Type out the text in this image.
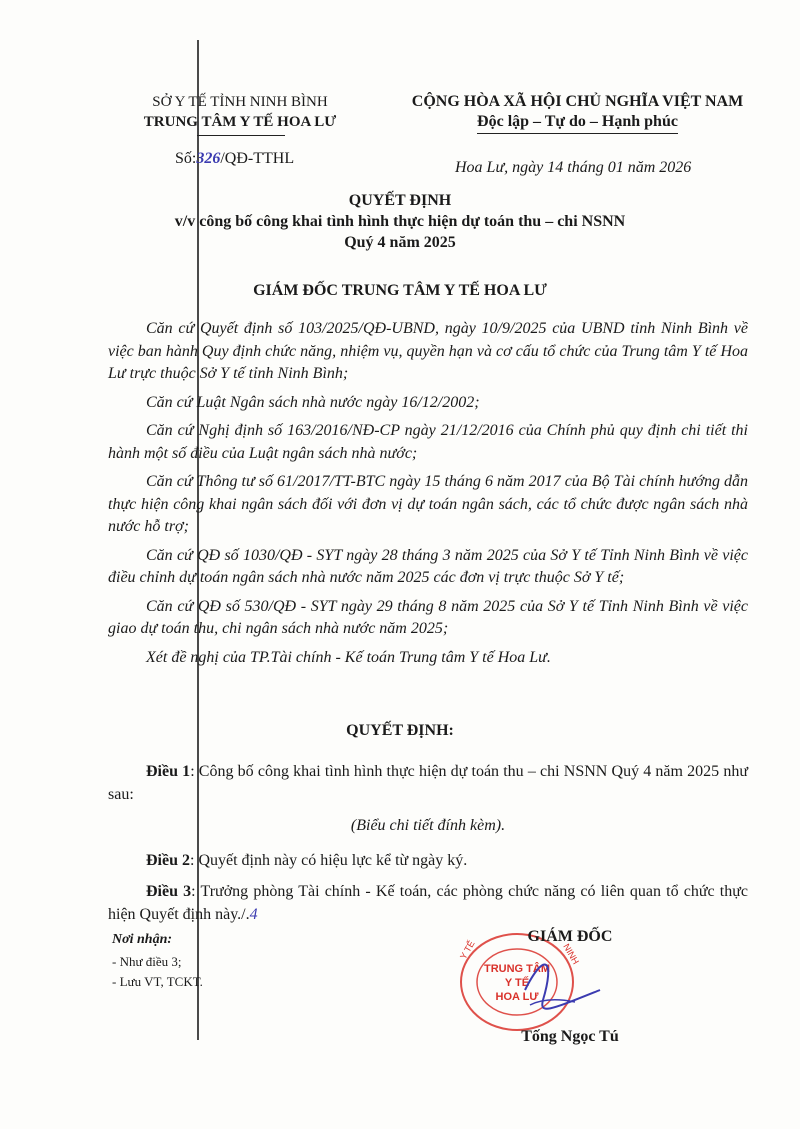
SỞ Y TẾ TỈNH NINH BÌNH
TRUNG TÂM Y TẾ HOA LƯ
CỘNG HÒA XÃ HỘI CHỦ NGHĨA VIỆT NAM
Độc lập – Tự do – Hạnh phúc
Số:326/QĐ-TTHL
Hoa Lư, ngày 14 tháng 01 năm 2026
QUYẾT ĐỊNH
v/v công bố công khai tình hình thực hiện dự toán thu – chi NSNN
Quý 4 năm 2025
GIÁM ĐỐC TRUNG TÂM Y TẾ HOA LƯ

Căn cứ Quyết định số 103/2025/QĐ-UBND, ngày 10/9/2025 của UBND tỉnh Ninh Bình về việc ban hành Quy định chức năng, nhiệm vụ, quyền hạn và cơ cấu tổ chức của Trung tâm Y tế Hoa Lư trực thuộc Sở Y tế tỉnh Ninh Bình;

Căn cứ Luật Ngân sách nhà nước ngày 16/12/2002;

Căn cứ Nghị định số 163/2016/NĐ-CP ngày 21/12/2016 của Chính phủ quy định chi tiết thi hành một số điều của Luật ngân sách nhà nước;

Căn cứ Thông tư số 61/2017/TT-BTC ngày 15 tháng 6 năm 2017 của Bộ Tài chính hướng dẫn thực hiện công khai ngân sách đối với đơn vị dự toán ngân sách, các tổ chức được ngân sách nhà nước hỗ trợ;

Căn cứ QĐ số 1030/QĐ - SYT ngày 28 tháng 3 năm 2025 của Sở Y tế Tỉnh Ninh Bình về việc điều chỉnh dự toán ngân sách nhà nước năm 2025 các đơn vị trực thuộc Sở Y tế;

Căn cứ QĐ số 530/QĐ - SYT ngày 29 tháng 8 năm 2025 của Sở Y tế Tỉnh Ninh Bình về việc giao dự toán thu, chi ngân sách nhà nước năm 2025;

Xét đề nghị của TP.Tài chính - Kế toán Trung tâm Y tế Hoa Lư.

QUYẾT ĐỊNH:

Điều 1: Công bố công khai tình hình thực hiện dự toán thu – chi NSNN Quý 4 năm 2025 như sau:

(Biểu chi tiết đính kèm).

Điều 2: Quyết định này có hiệu lực kể từ ngày ký.

Điều 3: Trưởng phòng Tài chính - Kế toán, các phòng chức năng có liên quan tổ chức thực hiện Quyết định này./.4

Nơi nhận:
- Như điều 3;
- Lưu VT, TCKT.
TRUNG TÂM
Y TẾ
HOA LƯ
Y TẾ	NINH
GIÁM ĐỐC
Tống Ngọc Tú
